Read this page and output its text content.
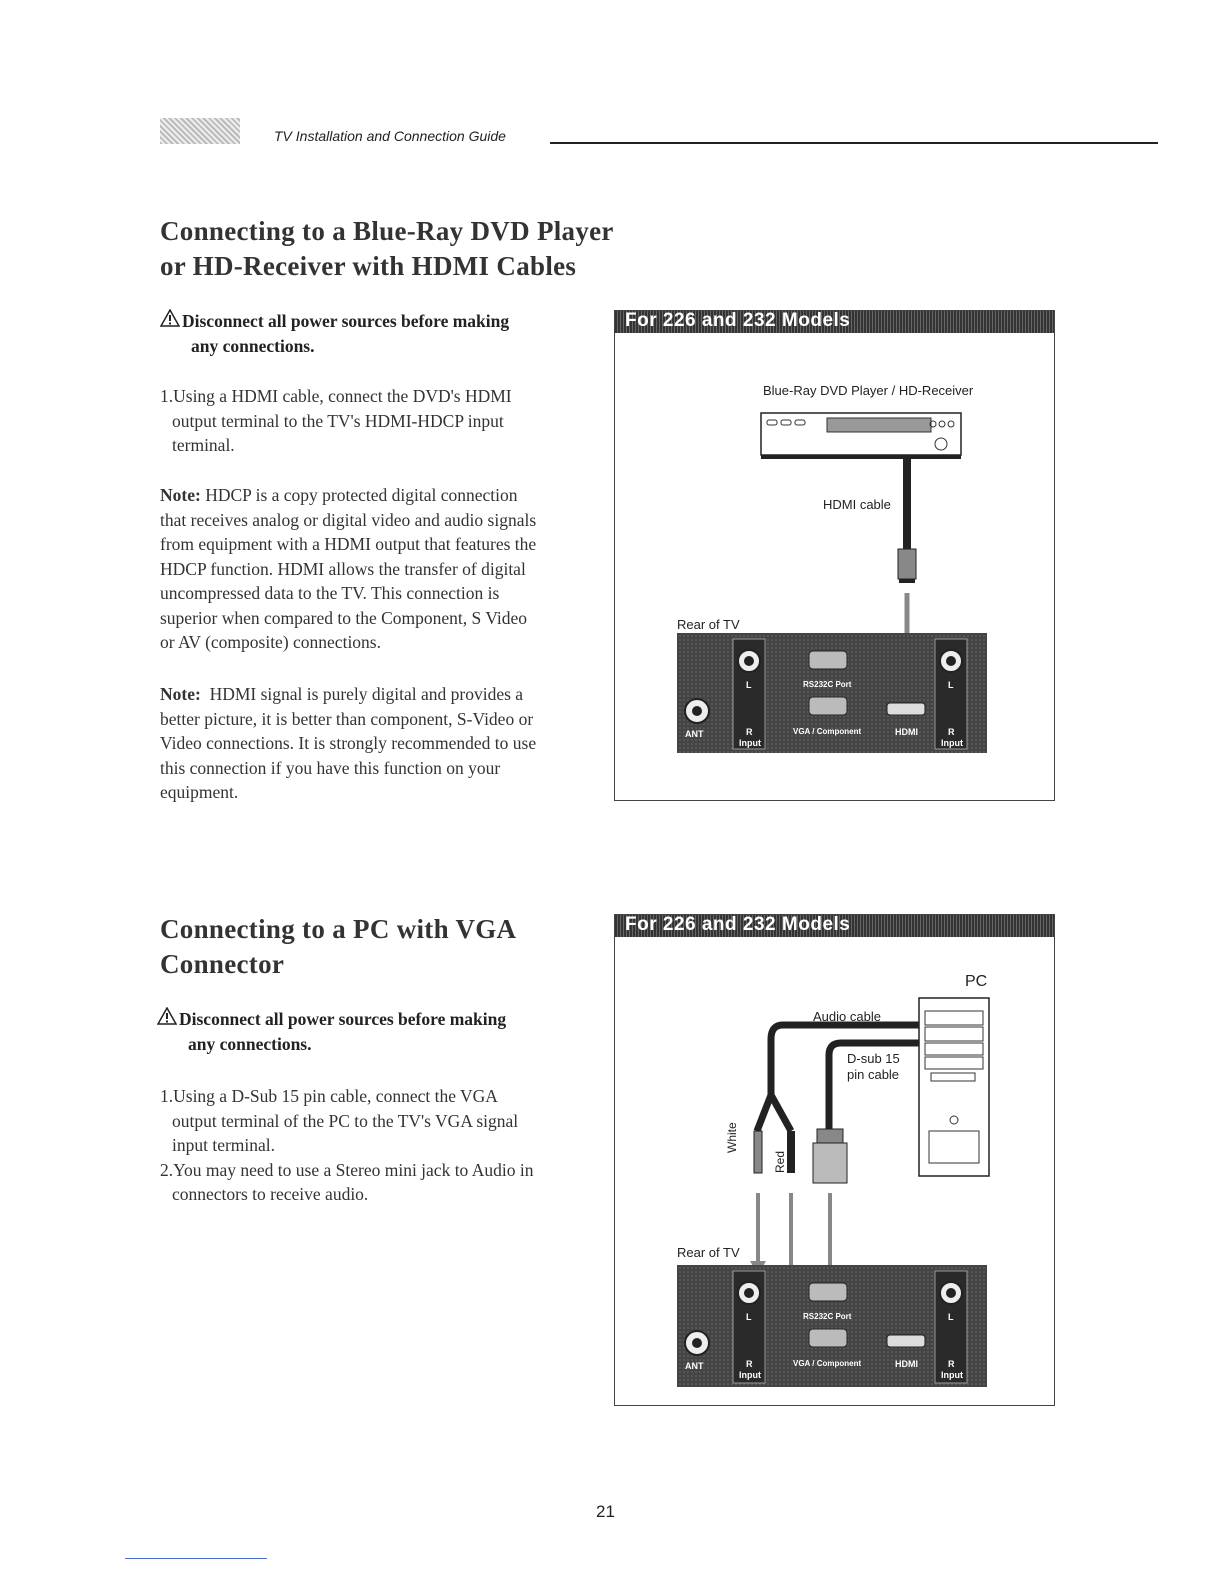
TV Installation and Connection Guide
Connecting to a Blue-Ray DVD Player
or HD-Receiver with HDMI Cables
Disconnect all power sources before making
any connections.
1.Using a HDMI cable, connect the DVD's HDMI
output terminal to the TV's HDMI-HDCP input
terminal.
Note: HDCP is a copy protected digital connection
that receives analog or digital video and audio signals
from equipment with a HDMI output that features the
HDCP function. HDMI allows the transfer of digital
uncompressed data to the TV. This connection is
superior when compared to the Component, S Video
or AV (composite) connections.
Note: HDMI signal is purely digital and provides a
better picture, it is better than component, S-Video or
Video connections. It is strongly recommended to use
this connection if you have this function on your
equipment.
For 226 and 232 Models
Blue-Ray DVD Player / HD-Receiver
HDMI cable
Rear of TV
ANT
L
R
Input
L
R
Input
RS232C Port
VGA / Component	HDMI
Connecting to a PC with VGA
Connector
Disconnect all power sources before making
any connections.
1.Using a D-Sub 15 pin cable, connect the VGA
output terminal of the PC to the TV's VGA signal
input terminal.
2.You may need to use a Stereo mini jack to Audio in
connectors to receive audio.
For 226 and 232 Models
PC
Audio cable
D-sub 15
pin cable
White
Red
Rear of TV
ANT
L
R
Input
L
R
Input
RS232C Port
VGA / Component	HDMI
21
